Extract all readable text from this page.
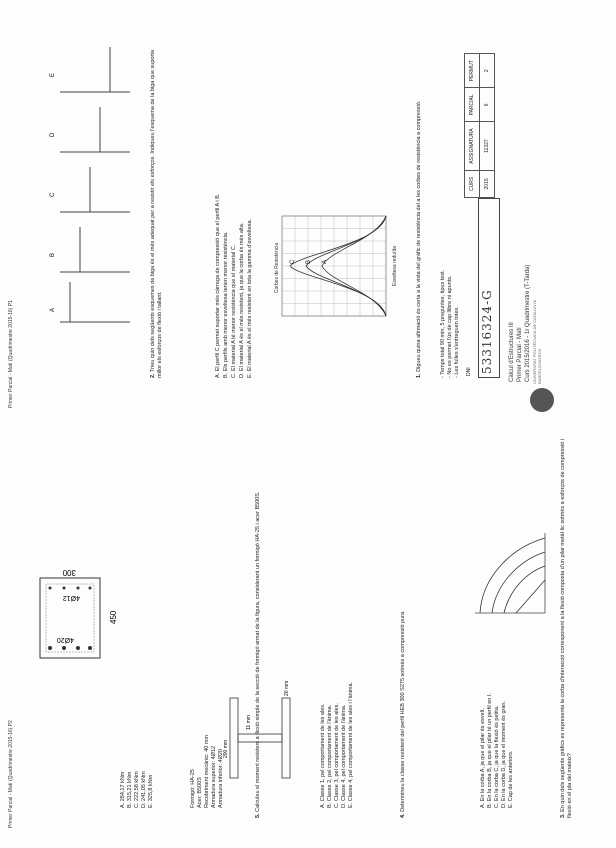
UNIVERSITAT POLITÈCNICA DE CATALUNYA BARCELONATECH
Càlcul d'Estructures III Primer Parcial - Matí Curs 2015/2016 - 1r Quadrimestre (T-Tarda)
DNI 53316324-G
CURS	ASSIGNATURA	PARCIAL	PERMUT
2015	11327	II	2
- Temps total 90 min, 5 preguntes, tipus test. - No es permet l'ús de cap llibre ni apunts. - Les fulles s'entreguen totes.
1. Digueu quina afirmació és certa a la vista del gràfic de resistència del a les corbes de resistència a compressió.
Corbes de Resistència C B A	Esveltesa reduïda
A. El perfil C permet suportar més càrrega de compressió que el perfil A i B. B. Els perfils amb menor esveltesa tenen menor resistència. C. El material A té menor resistència que el material C. D. El material A és el més resistent, ja que la corba és més alta. E. El material A és el més resistent en tota la gamma d'esveltesa.
2. Trieu quin dels següents esquemes de biga és el més adequat per a resistir els esforços. Indiqueu l'esquema de la biga que suporta millor els esforços de flexió i tallant.
A
B
C
D
E
Primer Parcial - Matí (Quadrimestre 2015-16) P1
3. En quin dels següents gràfics es representa la corba d'interacció corresponent a la flexió composta d'un pilar metàl·lic sotmès a esforços de compressió i flexió en el pla del mateix?
A. En la corba A, ja que el pilar és esvelt. B. En la corba B, ja que el pilar té un perfil en I. C. En la corba C, ja que la flexió és petita. D. En la corba D, ja que el moment és gran. E. Cap de les anteriors.
4. Determineu la classe resistent del perfil HEB 300 S275 sotmès a compressió pura.
A. Classe 1, pel comportament de les ales. B. Classe 2, pel comportament de l'ànima. C. Classe 3, pel comportament de les ales. D. Classe 4, pel comportament de l'ànima. E. Classe 4, pel comportament de les ales i l'ànima.
200 mm
11 mm
20 mm
5. Calculeu el moment resistent a flexió simple de la secció de formigó armat de la figura, considerant un formigó HA-25 i acer B500S.
Formigó: HA-25 Acer: B500S Recobriment mecànic: 40 mm Armadura superior: 4Ø12 Armadura inferior: 4Ø20
A. 284,17 kNm B. 315,21 kNm C. 222,58 kNm D. 241,05 kNm E. 325,8 kNm
4Ø20
4Ø12
300
450
Primer Parcial - Matí (Quadrimestre 2015-16) P2
